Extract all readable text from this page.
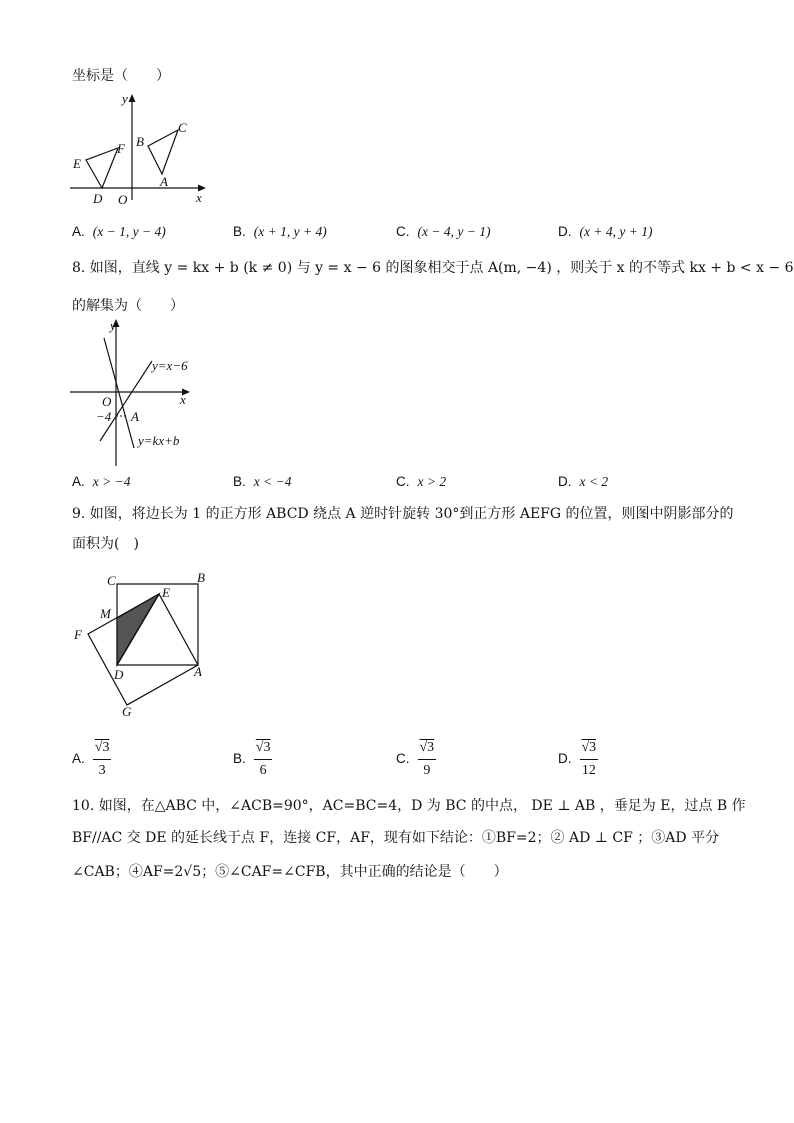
坐标是（　　）
y
x
O
E
F
D
B
C
A
A. (x − 1, y − 4)	B. (x + 1, y + 4)	C. (x − 4, y − 1)	D. (x + 4, y + 1)
8. 如图，直线 y = kx + b (k ≠ 0) 与 y = x − 6 的图象相交于点 A(m, −4) ，则关于 x 的不等式 kx + b < x − 6
的解集为（　　）
y
x
O
−4 A
y=x−6
y=kx+b
A. x > −4	B. x < −4	C. x > 2	D. x < 2
9. 如图，将边长为 1 的正方形 ABCD 绕点 A 逆时针旋转 30°到正方形 AEFG 的位置，则图中阴影部分的
面积为(　)
C	B
E
M
F
D	A
G
A. $\frac{√3}{3}$	B. $\frac{√3}{6}$	C. $\frac{√3}{9}$	D. $\frac{√3}{12}$
10. 如图，在△ABC 中，∠ACB=90°，AC=BC=4，D 为 BC 的中点， DE ⊥ AB ，垂足为 E，过点 B 作
BF//AC 交 DE 的延长线于点 F，连接 CF，AF，现有如下结论：①BF=2；② AD ⊥ CF ；③AD 平分
∠CAB；④AF=2√5；⑤∠CAF=∠CFB，其中正确的结论是（　　）
